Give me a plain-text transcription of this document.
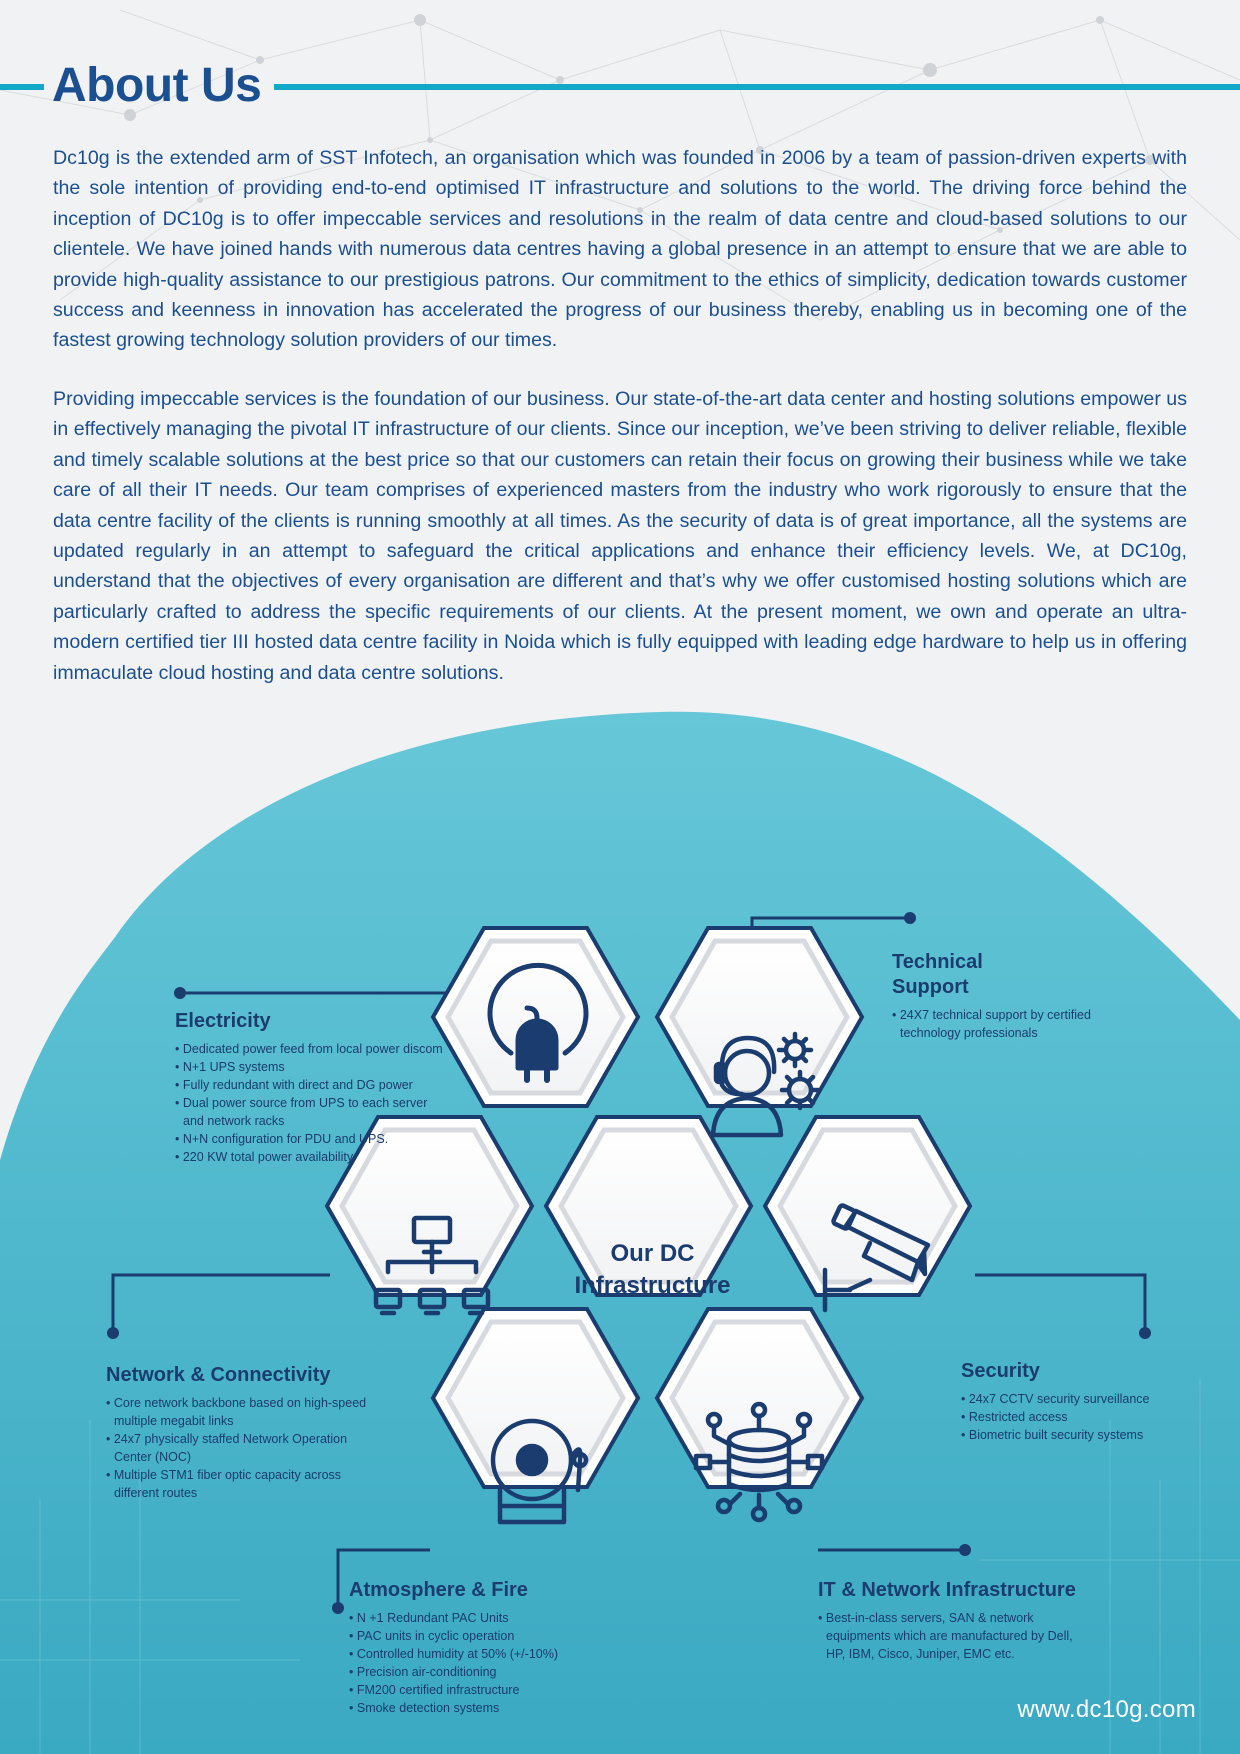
About Us

Dc10g is the extended arm of SST Infotech, an organisation which was founded in 2006 by a team of passion-driven experts with the sole intention of providing end-to-end optimised IT infrastructure and solutions to the world. The driving force behind the inception of DC10g is to offer impeccable services and resolutions in the realm of data centre and cloud-based solutions to our clientele. We have joined hands with numerous data centres having a global presence in an attempt to ensure that we are able to provide high-quality assistance to our prestigious patrons. Our commitment to the ethics of simplicity, dedication towards customer success and keenness in innovation has accelerated the progress of our business thereby, enabling us in becoming one of the fastest growing technology solution providers of our times.

Providing impeccable services is the foundation of our business. Our state-of-the-art data center and hosting solutions empower us in effectively managing the pivotal IT infrastructure of our clients. Since our inception, we’ve been striving to deliver reliable, flexible and timely scalable solutions at the best price so that our customers can retain their focus on growing their business while we take care of all their IT needs. Our team comprises of experienced masters from the industry who work rigorously to ensure that the data centre facility of the clients is running smoothly at all times. As the security of data is of great importance, all the systems are updated regularly in an attempt to safeguard the critical applications and enhance their efficiency levels. We, at DC10g, understand that the objectives of every organisation are different and that’s why we offer customised hosting solutions which are particularly crafted to address the specific requirements of our clients. At the present moment, we own and operate an ultra-modern certified tier III hosted data centre facility in Noida which is fully equipped with leading edge hardware to help us in offering immaculate cloud hosting and data centre solutions.

Our DC
Infrastructure
Electricity
• Dedicated power feed from local power discom
• N+1 UPS systems
• Fully redundant with direct and DG power
• Dual power source from UPS to each server and network racks
• N+N configuration for PDU and UPS.
• 220 KW total power availability
Technical
Support
• 24X7 technical support by certified technology professionals
Network & Connectivity
• Core network backbone based on high-speed multiple megabit links
• 24x7 physically staffed Network Operation Center (NOC)
• Multiple STM1 fiber optic capacity across different routes
Security
• 24x7 CCTV security surveillance
• Restricted access
• Biometric built security systems
Atmosphere & Fire
• N +1 Redundant PAC Units
• PAC units in cyclic operation
• Controlled humidity at 50% (+/-10%)
• Precision air-conditioning
• FM200 certified infrastructure
• Smoke detection systems
IT & Network Infrastructure
• Best-in-class servers, SAN & network equipments which are manufactured by Dell, HP, IBM, Cisco, Juniper, EMC etc.
www.dc10g.com
